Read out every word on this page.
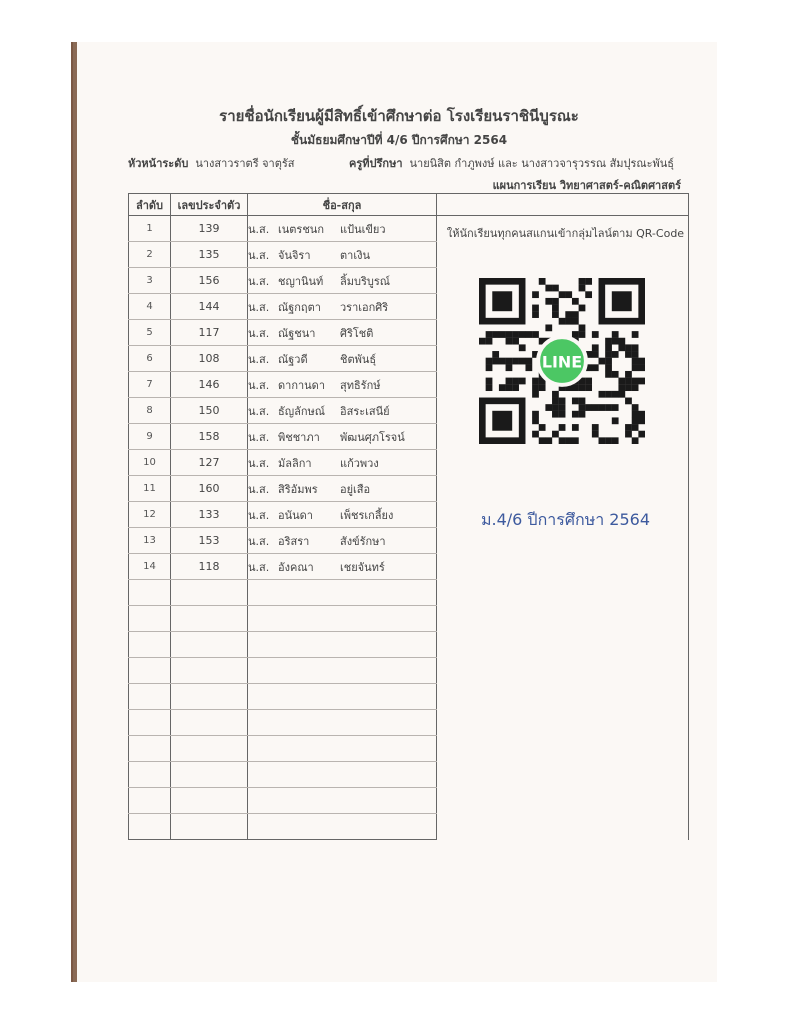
รายชื่อนักเรียนผู้มีสิทธิ์เข้าศึกษาต่อ โรงเรียนราชินีบูรณะ
ชั้นมัธยมศึกษาปีที่ 4/6 ปีการศึกษา 2564
หัวหน้าระดับ นางสาวราตรี จาตุรัส	ครูที่ปรึกษา นายนิสิต กำภูพงษ์ และ นางสาวจารุวรรณ สัมปุรณะพันธุ์
แผนการเรียน วิทยาศาสตร์-คณิตศาสตร์
ลำดับ	เลขประจำตัว	ชื่อ-สกุล	
1	139	น.ส. เนตรชนก แป้นเขียว	
2	135	น.ส. จันจิรา ตาเงิน	
3	156	น.ส. ชญานินท์ ลิ้มบริบูรณ์	
4	144	น.ส. ณัฐกฤตา วราเอกศิริ	
5	117	น.ส. ณัฐชนา ศิริโชติ	
6	108	น.ส. ณัฐวดี ชิตพันธุ์	
7	146	น.ส. ดากานดา สุทธิรักษ์	
8	150	น.ส. ธัญลักษณ์ อิสระเสนีย์	
9	158	น.ส. พิชชาภา พัฒนศุภโรจน์	
10	127	น.ส. มัลลิกา แก้วพวง	
11	160	น.ส. สิริอัมพร อยู่เสือ	
12	133	น.ส. อนันดา เพ็ชรเกลี้ยง	
13	153	น.ส. อริสรา สังข์รักษา	
14	118	น.ส. อังคณา เชยจันทร์	

ให้นักเรียนทุกคนสแกนเข้ากลุ่มไลน์ตาม QR-Code
LINE
ม.4/6 ปีการศึกษา 2564
